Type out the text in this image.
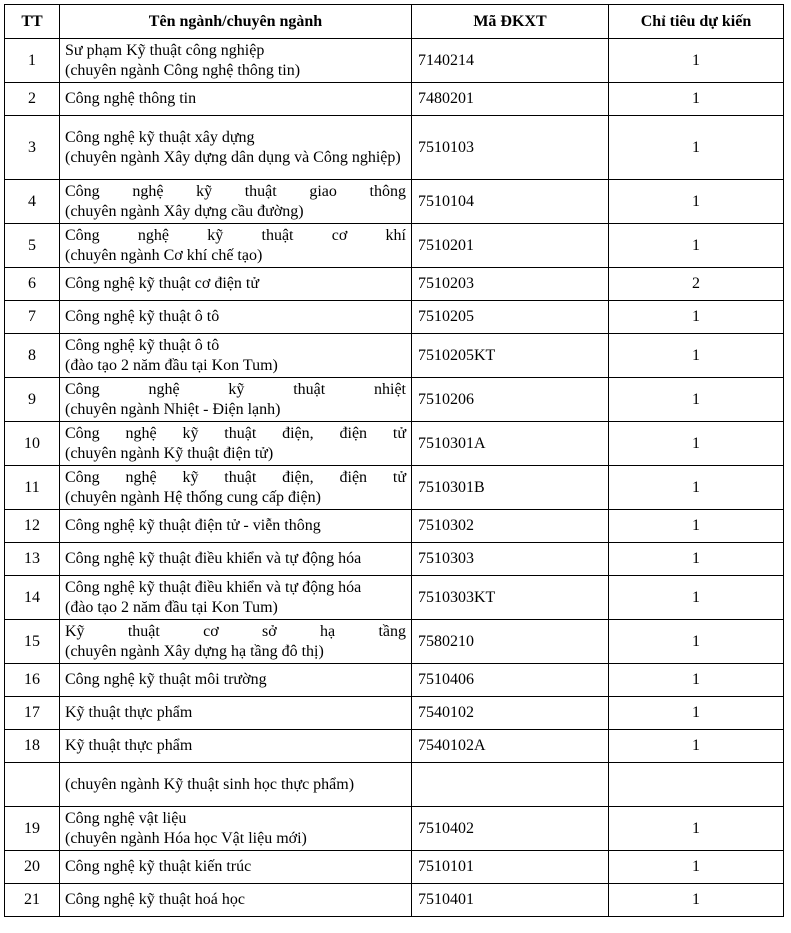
TT	Tên ngành/chuyên ngành	Mã ĐKXT	Chỉ tiêu dự kiến
1	Sư phạm Kỹ thuật công nghiệp
(chuyên ngành Công nghệ thông tin)	7140214	1
2	Công nghệ thông tin	7480201	1
3	Công nghệ kỹ thuật xây dựng
(chuyên ngành Xây dựng dân dụng và Công nghiệp)	7510103	1
4	Công nghệ kỹ thuật giao thông
(chuyên ngành Xây dựng cầu đường)	7510104	1
5	Công nghệ kỹ thuật cơ khí
(chuyên ngành Cơ khí chế tạo)	7510201	1
6	Công nghệ kỹ thuật cơ điện tử	7510203	2
7	Công nghệ kỹ thuật ô tô	7510205	1
8	Công nghệ kỹ thuật ô tô
(đào tạo 2 năm đầu tại Kon Tum)	7510205KT	1
9	Công nghệ kỹ thuật nhiệt
(chuyên ngành Nhiệt - Điện lạnh)	7510206	1
10	Công nghệ kỹ thuật điện, điện tử
(chuyên ngành Kỹ thuật điện tử)	7510301A	1
11	Công nghệ kỹ thuật điện, điện tử
(chuyên ngành Hệ thống cung cấp điện)	7510301B	1
12	Công nghệ kỹ thuật điện tử - viễn thông	7510302	1
13	Công nghệ kỹ thuật điều khiển và tự động hóa	7510303	1
14	Công nghệ kỹ thuật điều khiển và tự động hóa
(đào tạo 2 năm đầu tại Kon Tum)	7510303KT	1
15	Kỹ thuật cơ sở hạ tầng
(chuyên ngành Xây dựng hạ tầng đô thị)	7580210	1
16	Công nghệ kỹ thuật môi trường	7510406	1
17	Kỹ thuật thực phẩm	7540102	1
18	Kỹ thuật thực phẩm	7540102A	1

	(chuyên ngành Kỹ thuật sinh học thực phẩm)		

19	Công nghệ vật liệu
(chuyên ngành Hóa học Vật liệu mới)	7510402	1
20	Công nghệ kỹ thuật kiến trúc	7510101	1
21	Công nghệ kỹ thuật hoá học	7510401	1
